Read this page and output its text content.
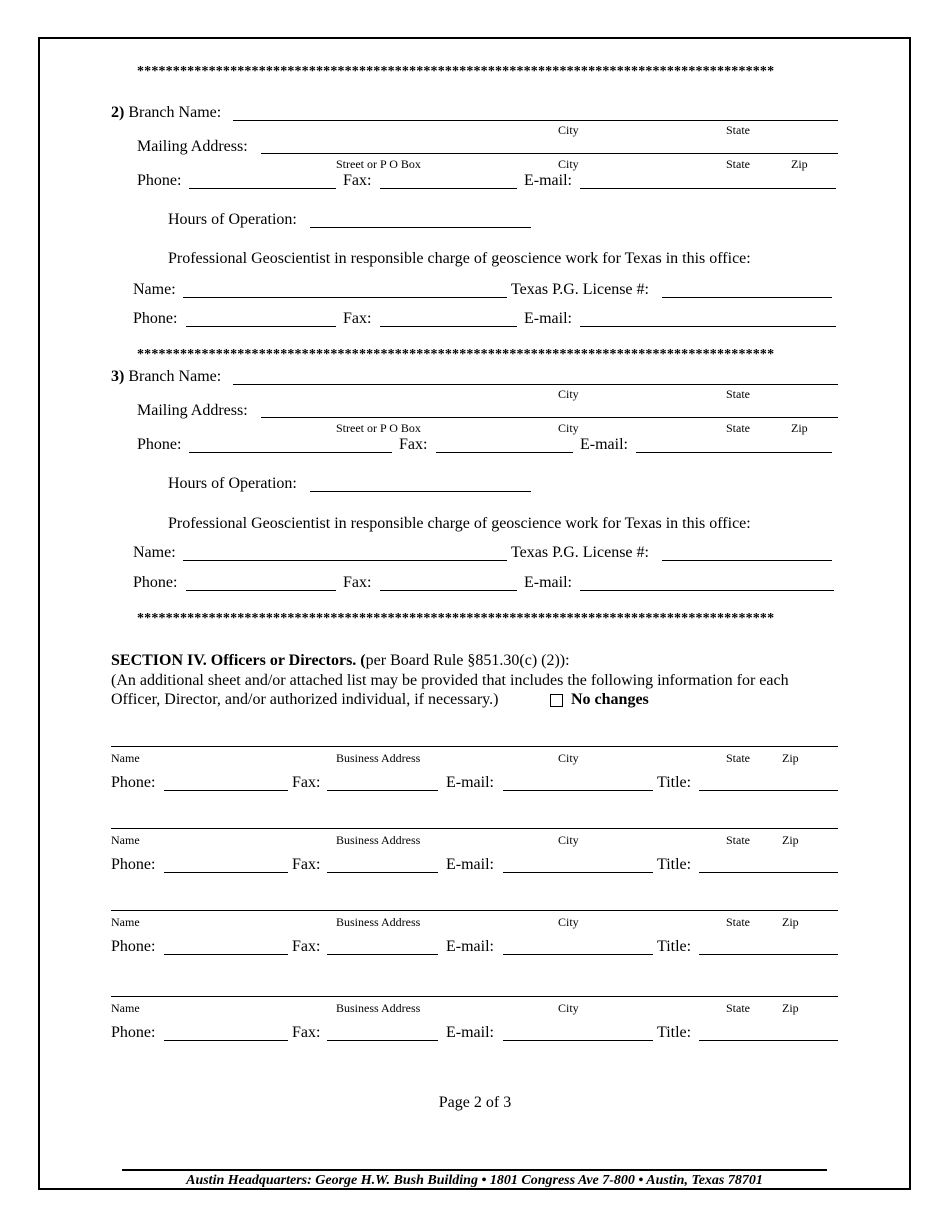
*****************************************************************************************
2) Branch Name:
City	State
Mailing Address:
Street or P O Box	City	State	Zip
Phone:	Fax:	E-mail:
Hours of Operation:
Professional Geoscientist in responsible charge of geoscience work for Texas in this office:
Name:	Texas P.G. License #:
Phone:	Fax:	E-mail:
*****************************************************************************************
3) Branch Name:
City	State
Mailing Address:
Street or P O Box	City	State	Zip
Phone:	Fax:	E-mail:
Hours of Operation:
Professional Geoscientist in responsible charge of geoscience work for Texas in this office:
Name:	Texas P.G. License #:
Phone:	Fax:	E-mail:
*****************************************************************************************
SECTION IV. Officers or Directors. (per Board Rule §851.30(c) (2)):
(An additional sheet and/or attached list may be provided that includes the following information for each
Officer, Director, and/or authorized individual, if necessary.)	No changes
Name	Business Address	City	State	Zip
Phone:	Fax:	E-mail:	Title:
Name	Business Address	City	State	Zip
Phone:	Fax:	E-mail:	Title:
Name	Business Address	City	State	Zip
Phone:	Fax:	E-mail:	Title:
Name	Business Address	City	State	Zip
Phone:	Fax:	E-mail:	Title:
Page 2 of 3
Austin Headquarters: George H.W. Bush Building • 1801 Congress Ave 7-800 • Austin, Texas 78701
